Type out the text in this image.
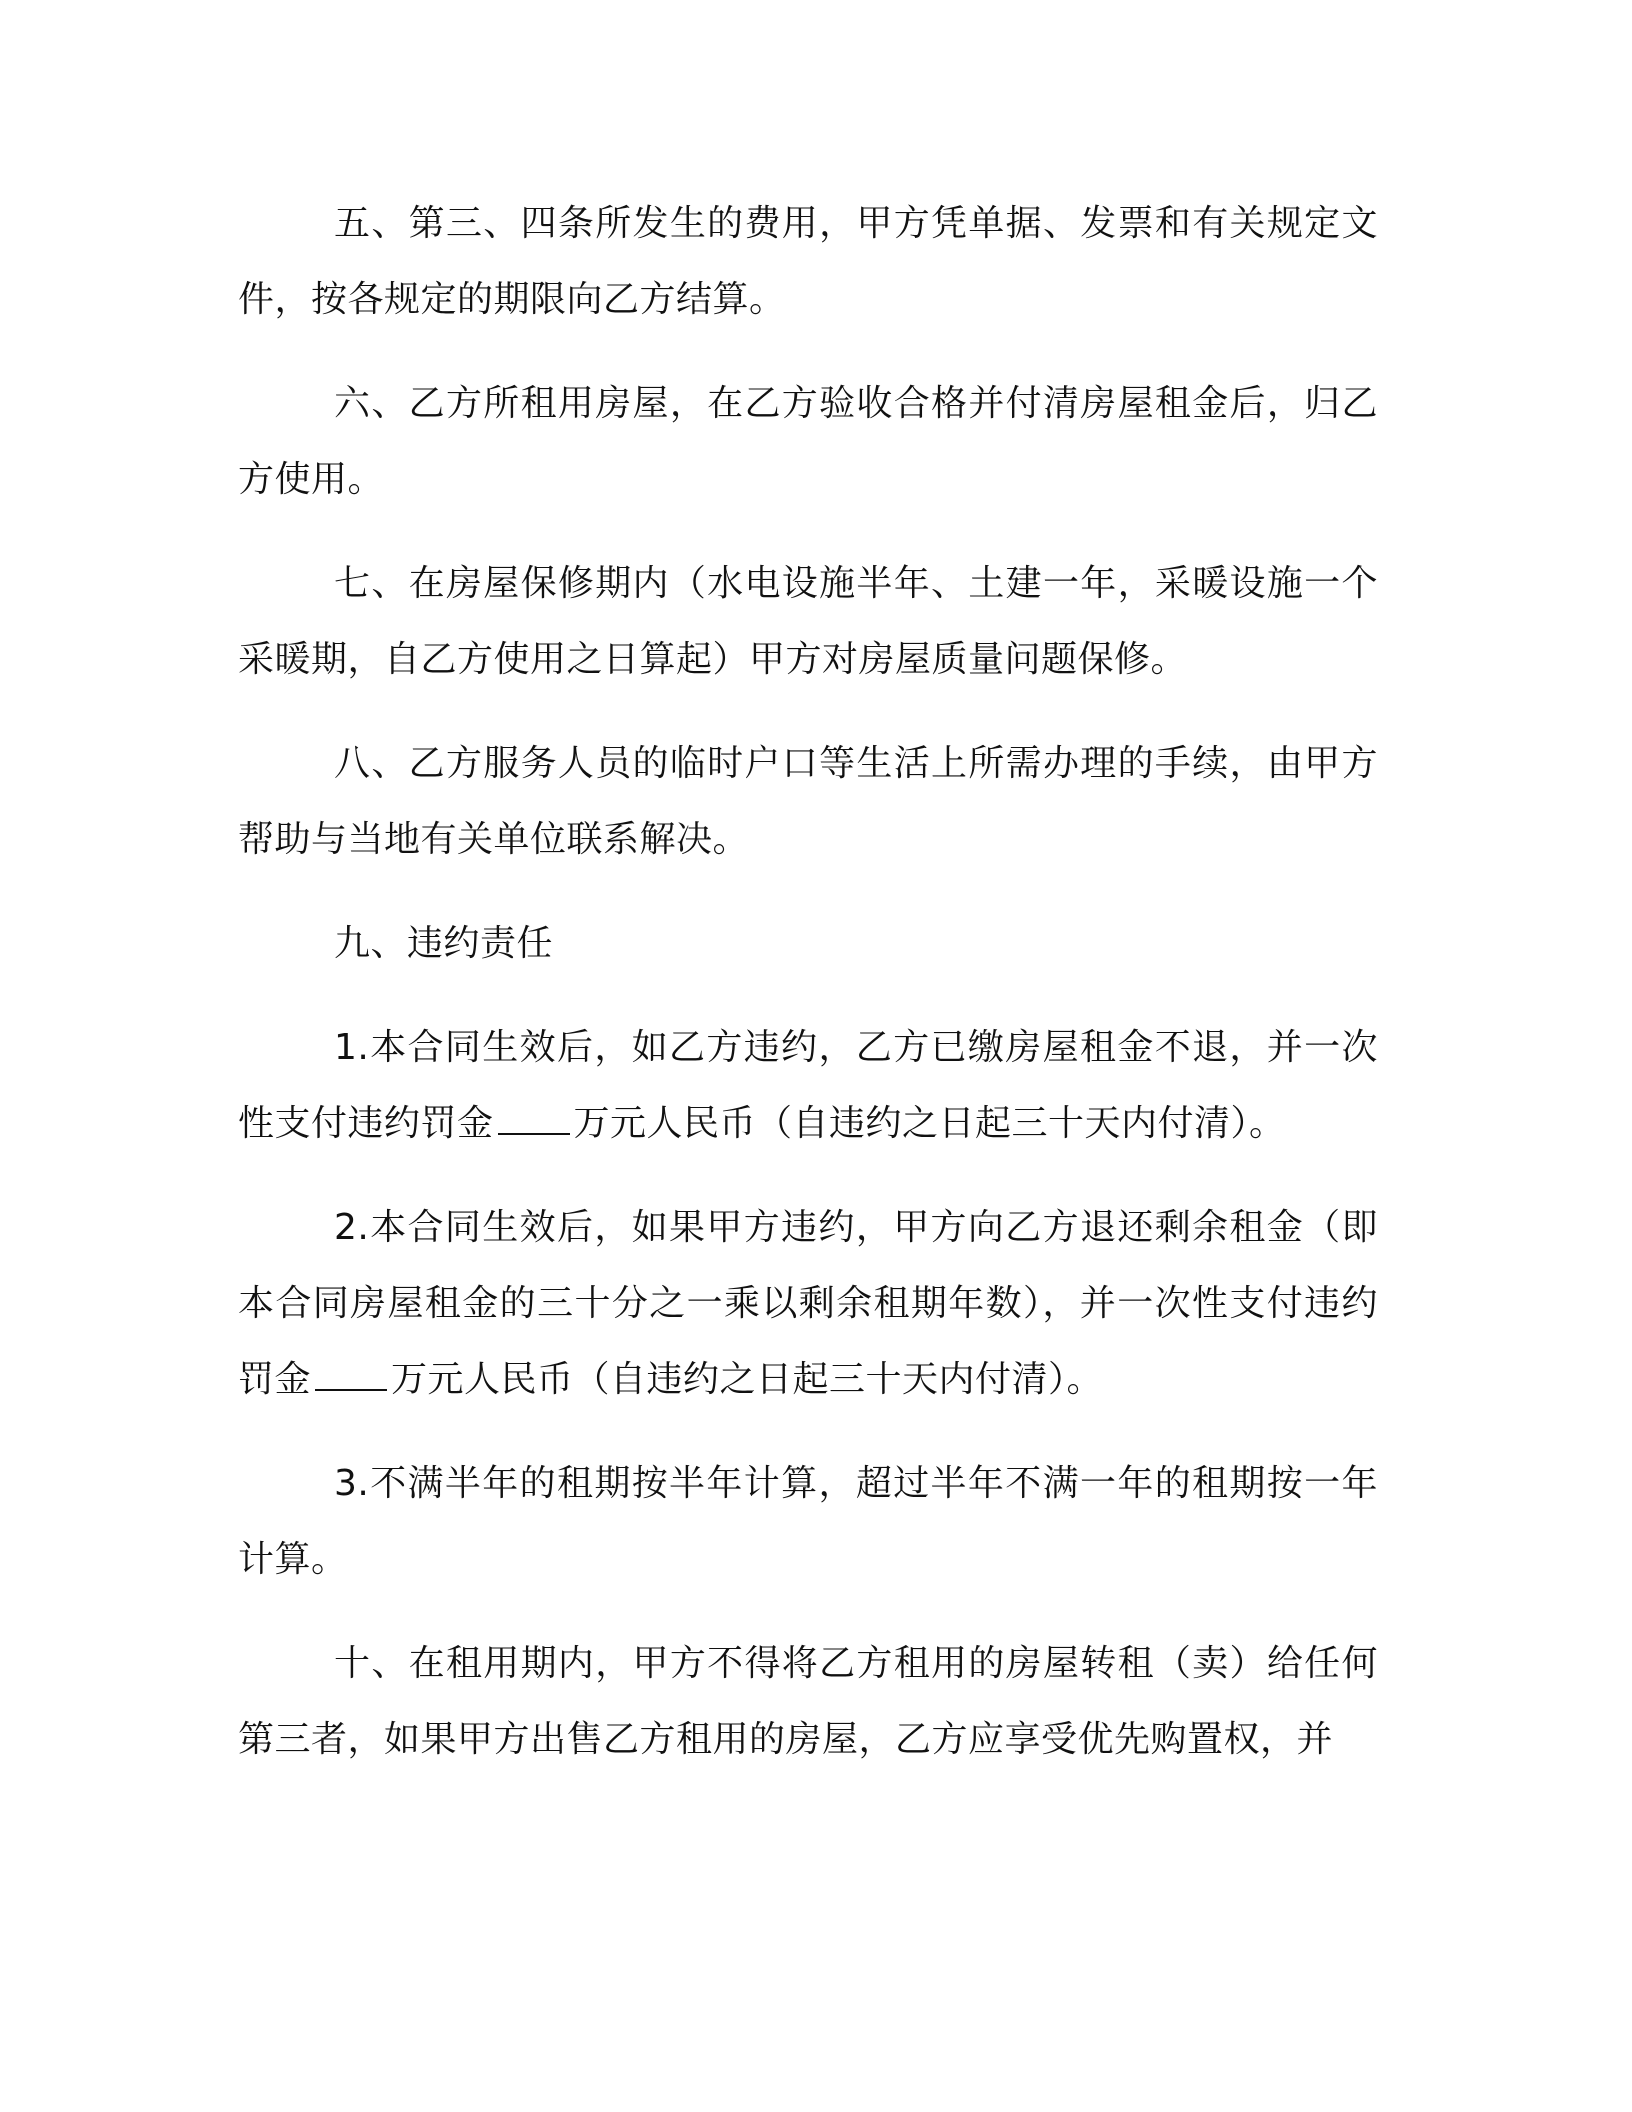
五、第三、四条所发生的费用，甲方凭单据、发票和有关规定文件，按各规定的期限向乙方结算。

六、乙方所租用房屋，在乙方验收合格并付清房屋租金后，归乙方使用。

七、在房屋保修期内（水电设施半年、土建一年，采暖设施一个采暖期，自乙方使用之日算起）甲方对房屋质量问题保修。

八、乙方服务人员的临时户口等生活上所需办理的手续，由甲方帮助与当地有关单位联系解决。

九、违约责任

1.本合同生效后，如乙方违约，乙方已缴房屋租金不退，并一次性支付违约罚金 万元人民币（自违约之日起三十天内付清）。

2.本合同生效后，如果甲方违约，甲方向乙方退还剩余租金（即本合同房屋租金的三十分之一乘以剩余租期年数），并一次性支付违约罚金 万元人民币（自违约之日起三十天内付清）。

3.不满半年的租期按半年计算，超过半年不满一年的租期按一年计算。

十、在租用期内，甲方不得将乙方租用的房屋转租（卖）给任何第三者，如果甲方出售乙方租用的房屋，乙方应享受优先购置权，并
